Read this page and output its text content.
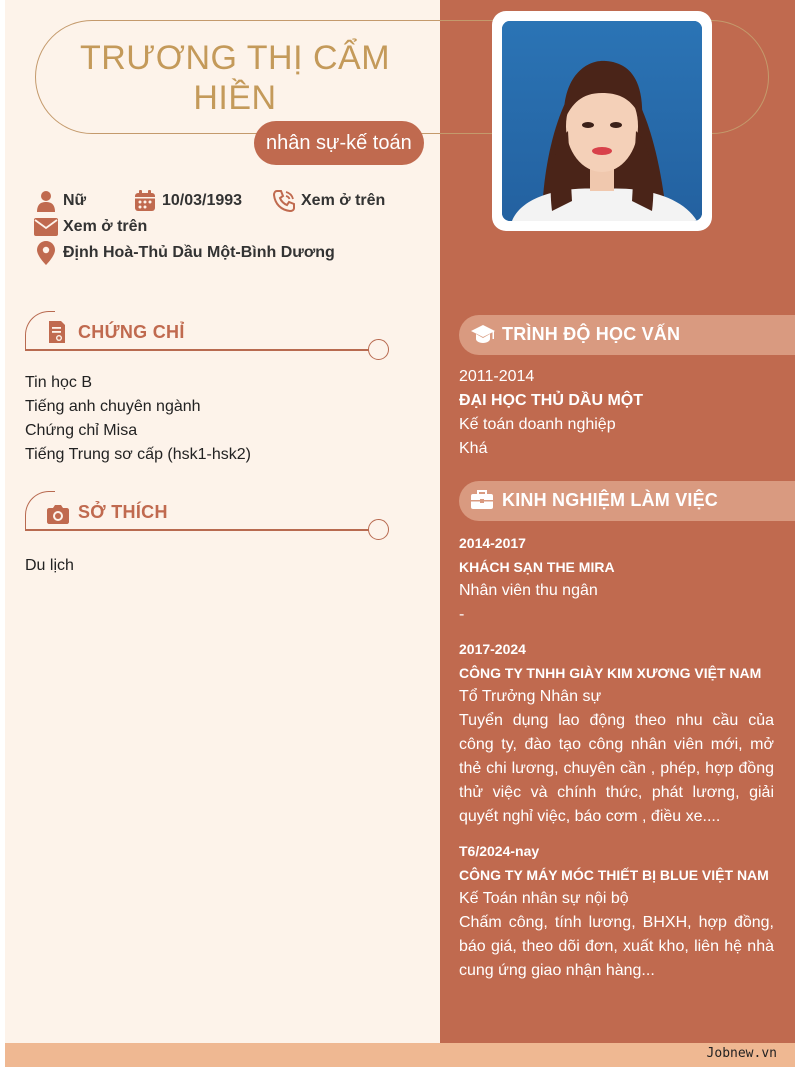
TRƯƠNG THỊ CẨM HIỀN
nhân sự-kế toán
Nữ	10/03/1993	Xem ở trên
Xem ở trên
Định Hoà-Thủ Dầu Một-Bình Dương
CHỨNG CHỈ
Tin học B
Tiếng anh chuyên ngành
Chứng chỉ Misa
Tiếng Trung sơ cấp (hsk1-hsk2)
SỞ THÍCH
Du lịch
TRÌNH ĐỘ HỌC VẤN
2011-2014
ĐẠI HỌC THỦ DẦU MỘT
Kế toán doanh nghiệp
Khá
KINH NGHIỆM LÀM VIỆC
2014-2017
KHÁCH SẠN THE MIRA
Nhân viên thu ngân
-
2017-2024
CÔNG TY TNHH GIÀY KIM XƯƠNG VIỆT NAM
Tổ Trưởng Nhân sự
Tuyển dụng lao động theo nhu cầu của công ty, đào tạo công nhân viên mới, mở thẻ chi lương, chuyên cần , phép, hợp đồng thử việc và chính thức, phát lương, giải quyết nghỉ việc, báo cơm , điều xe....
T6/2024-nay
CÔNG TY MÁY MÓC THIẾT BỊ BLUE VIỆT NAM
Kế Toán nhân sự nội bộ
Chấm công, tính lương, BHXH, hợp đồng, báo giá, theo dõi đơn, xuất kho, liên hệ nhà cung ứng giao nhận hàng...
Jobnew.vn
